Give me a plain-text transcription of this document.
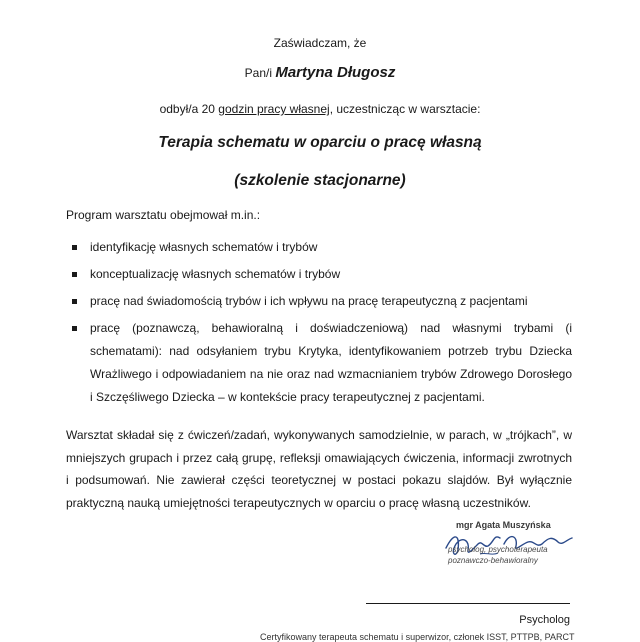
Zaświadczam, że
Pan/i Martyna Długosz
odbył/a 20 godzin pracy własnej, uczestnicząc w warsztacie:
Terapia schematu w oparciu o pracę własną
(szkolenie stacjonarne)
Program warsztatu obejmował m.in.:
identyfikację własnych schematów i trybów
konceptualizację własnych schematów i trybów
pracę nad świadomością trybów i ich wpływu na pracę terapeutyczną z pacjentami
pracę (poznawczą, behawioralną i doświadczeniową) nad własnymi trybami (i schematami): nad odsyłaniem trybu Krytyka, identyfikowaniem potrzeb trybu Dziecka Wrażliwego i odpowiadaniem na nie oraz nad wzmacnianiem trybów Zdrowego Dorosłego i Szczęśliwego Dziecka – w kontekście pracy terapeutycznej z pacjentami.
Warsztat składał się z ćwiczeń/zadań, wykonywanych samodzielnie, w parach, w „trójkach”, w mniejszych grupach i przez całą grupę, refleksji omawiających ćwiczenia, informacji zwrotnych i podsumowań. Nie zawierał części teoretycznej w postaci pokazu slajdów. Był wyłącznie praktyczną nauką umiejętności terapeutycznych w oparciu o pracę własną uczestników.
mgr Agata Muszyńska
psycholog, psychoterapeuta
poznawczo-behawioralny
Psycholog
Certyfikowany terapeuta schematu i superwizor, członek ISST, PTTPB, PARCT
